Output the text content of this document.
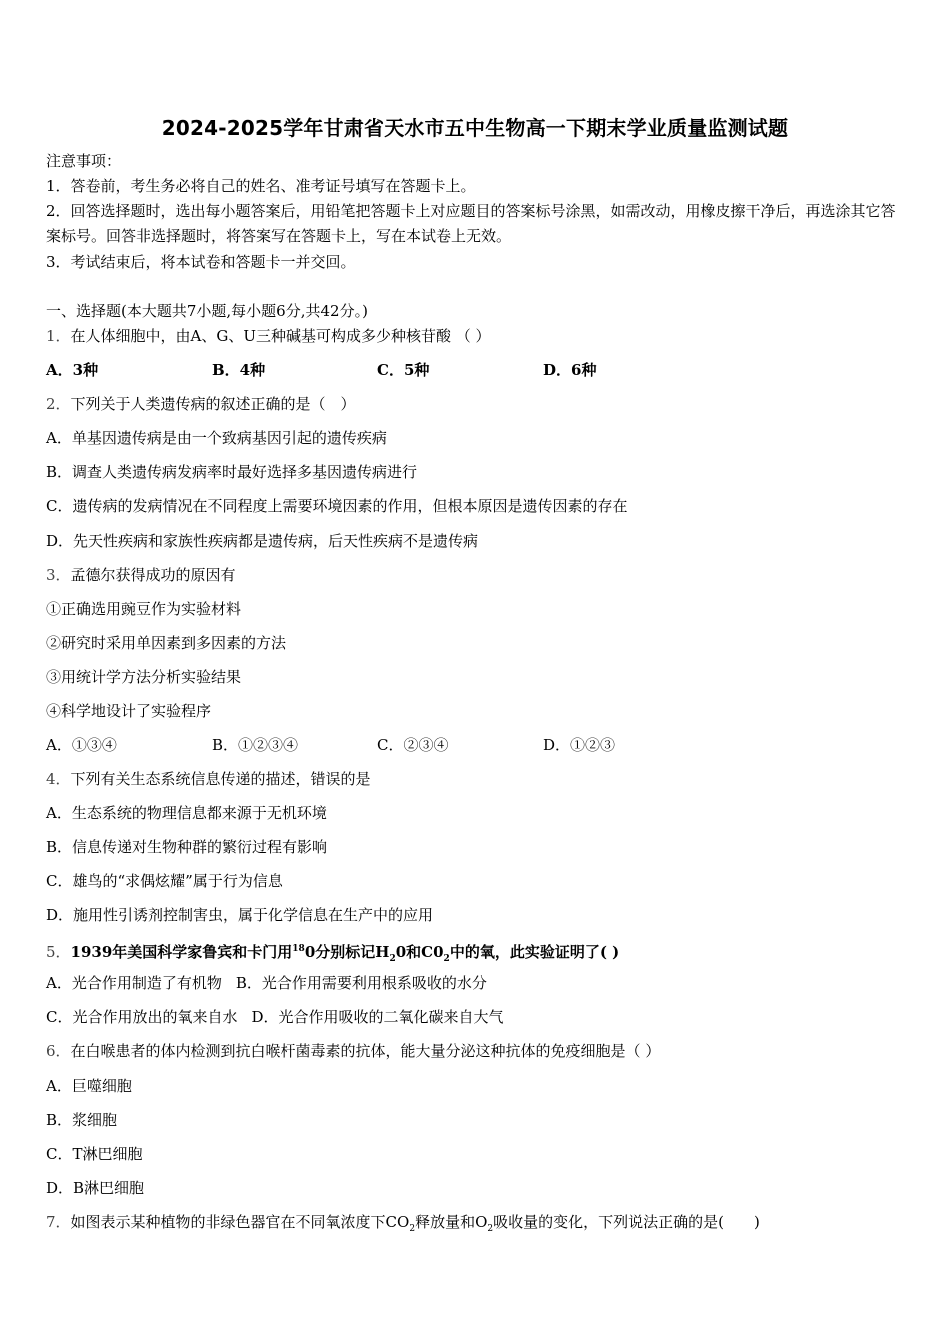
2024-2025学年甘肃省天水市五中生物高一下期末学业质量监测试题
注意事项：
1．答卷前，考生务必将自己的姓名、准考证号填写在答题卡上。
2．回答选择题时，选出每小题答案后，用铅笔把答题卡上对应题目的答案标号涂黑，如需改动，用橡皮擦干净后，再选涂其它答案标号。回答非选择题时，将答案写在答题卡上，写在本试卷上无效。
3．考试结束后，将本试卷和答题卡一并交回。
一、选择题(本大题共7小题,每小题6分,共42分。)
1．在人体细胞中，由A、G、U三种碱基可构成多少种核苷酸 （ ）
A．3种	B．4种	C．5种	D．6种
2．下列关于人类遗传病的叙述正确的是（　）
A．单基因遗传病是由一个致病基因引起的遗传疾病
B．调查人类遗传病发病率时最好选择多基因遗传病进行
C．遗传病的发病情况在不同程度上需要环境因素的作用，但根本原因是遗传因素的存在
D．先天性疾病和家族性疾病都是遗传病，后天性疾病不是遗传病
3．孟德尔获得成功的原因有
①正确选用豌豆作为实验材料
②研究时采用单因素到多因素的方法
③用统计学方法分析实验结果
④科学地设计了实验程序
A．①③④	B．①②③④	C．②③④	D．①②③
4．下列有关生态系统信息传递的描述，错误的是
A．生态系统的物理信息都来源于无机环境
B．信息传递对生物种群的繁衍过程有影响
C．雄鸟的“求偶炫耀”属于行为信息
D．施用性引诱剂控制害虫，属于化学信息在生产中的应用
5．1939年美国科学家鲁宾和卡门用$^{18}$0分别标记$H_20$和$C0_2$中的氧，此实验证明了( )
A．光合作用制造了有机物 B．光合作用需要利用根系吸收的水分
C．光合作用放出的氧来自水 D．光合作用吸收的二氧化碳来自大气
6．在白喉患者的体内检测到抗白喉杆菌毒素的抗体，能大量分泌这种抗体的免疫细胞是（ ）
A．巨噬细胞
B．浆细胞
C．T淋巴细胞
D．B淋巴细胞
7．如图表示某种植物的非绿色器官在不同氧浓度下$CO_2$释放量和$O_2$吸收量的变化，下列说法正确的是(　　)
